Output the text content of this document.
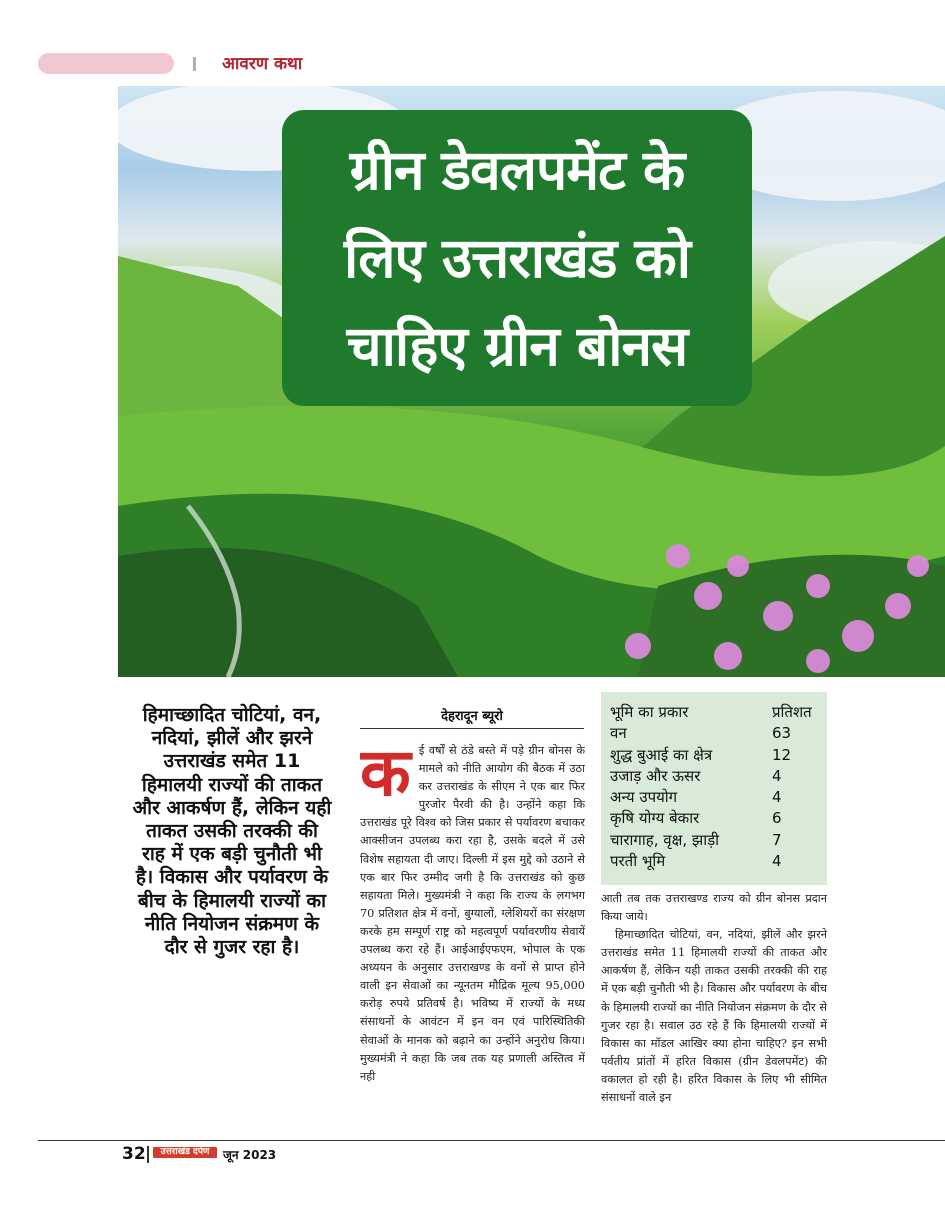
आवरण कथा
ग्रीन डेवलपमेंट के
लिए उत्तराखंड को
चाहिए ग्रीन बोनस
हिमाच्छादित चोटियां, वन, नदियां, झीलें और झरने उत्तराखंड समेत 11 हिमालयी राज्यों की ताकत और आकर्षण हैं, लेकिन यही ताकत उसकी तरक्की की राह में एक बड़ी चुनौती भी है। विकास और पर्यावरण के बीच के हिमालयी राज्यों का नीति नियोजन संक्रमण के दौर से गुजर रहा है।
देहरादून ब्यूरो
क ई वर्षों से ठंडे बस्ते में पड़े ग्रीन बोनस के मामले को नीति आयोग की बैठक में उठा कर उत्तराखंड के सीएम ने एक बार फिर पुरजोर पैरवी की है। उन्होंने कहा कि उत्तराखंड पूरे विश्व को जिस प्रकार से पर्यावरण बचाकर आक्सीजन उपलब्ध करा रहा है, उसके बदले में उसे विशेष सहायता दी जाए। दिल्ली में इस मुद्दे को उठाने से एक बार फिर उम्मीद जगी है कि उत्तराखंड को कुछ सहायता मिले। मुख्यमंत्री ने कहा कि राज्य के लगभग 70 प्रतिशत क्षेत्र में वनों, बुग्यालों, ग्लेशियरों का संरक्षण करके हम सम्पूर्ण राष्ट्र को महत्वपूर्ण पर्यावरणीय सेवायें उपलब्ध करा रहे हैं। आईआईएफएम, भोपाल के एक अध्ययन के अनुसार उत्तराखण्ड के वनों से प्राप्त होने वाली इन सेवाओं का न्यूनतम मौद्रिक मूल्य 95,000 करोड़ रुपये प्रतिवर्ष है। भविष्य में राज्यों के मध्य संसाधनों के आवंटन में इन वन एवं पारिस्थितिकी सेवाओं के मानक को बढ़ाने का उन्होंने अनुरोध किया। मुख्यमंत्री ने कहा कि जब तक यह प्रणाली अस्तित्व में नही
भूमि का प्रकार	प्रतिशत
वन	63
शुद्ध बुआई का क्षेत्र	12
उजाड़ और ऊसर	4
अन्य उपयोग	4
कृषि योग्य बेकार	6
चारागाह, वृक्ष, झाड़ी	7
परती भूमि	4

आती तब तक उत्तराखण्ड राज्य को ग्रीन बोनस प्रदान किया जाये।

हिमाच्छादित चोटियां, वन, नदियां, झीलें और झरने उत्तराखंड समेत 11 हिमालयी राज्यों की ताकत और आकर्षण हैं, लेकिन यही ताकत उसकी तरक्की की राह में एक बड़ी चुनौती भी है। विकास और पर्यावरण के बीच के हिमालयी राज्यों का नीति नियोजन संक्रमण के दौर से गुजर रहा है। सवाल उठ रहे हैं कि हिमालयी राज्यों में विकास का मॉडल आखिर क्या होना चाहिए? इन सभी पर्वतीय प्रांतों में हरित विकास (ग्रीन डेवलपमेंट) की वकालत हो रही है। हरित विकास के लिए भी सीमित संसाधनों वाले इन

32	उत्तराखंड दर्पण	जून 2023
